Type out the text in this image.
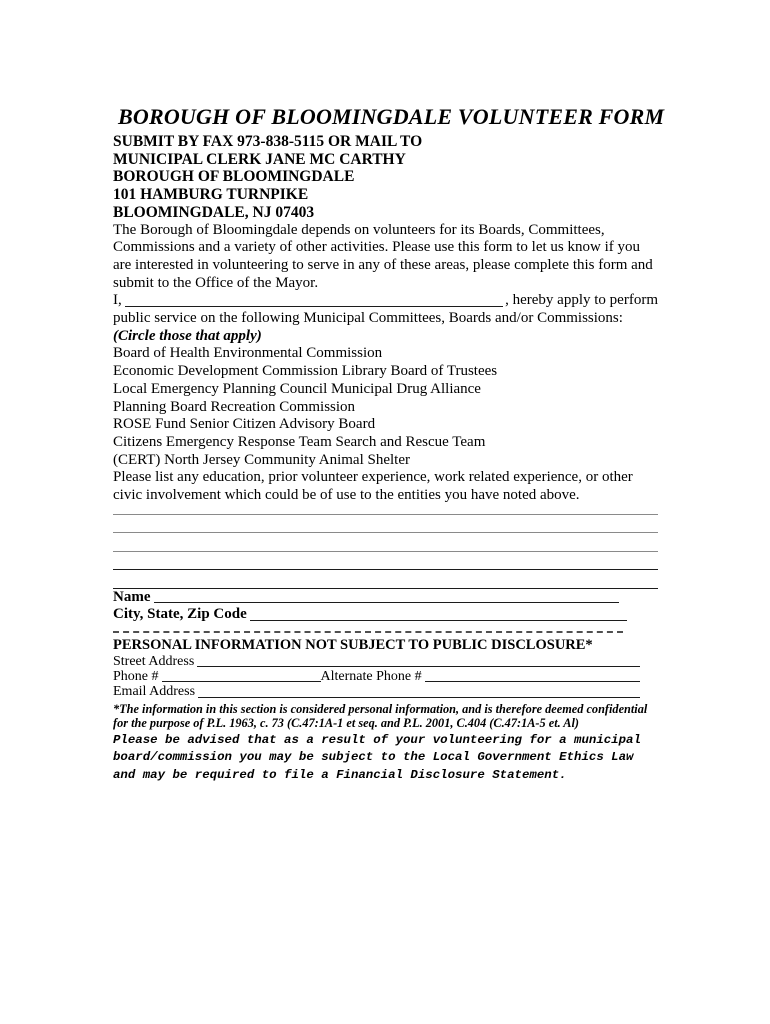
BOROUGH OF BLOOMINGDALE VOLUNTEER FORM
SUBMIT BY FAX 973-838-5115 OR MAIL TO
MUNICIPAL CLERK JANE MC CARTHY
BOROUGH OF BLOOMINGDALE
101 HAMBURG TURNPIKE
BLOOMINGDALE, NJ 07403

The Borough of Bloomingdale depends on volunteers for its Boards, Committees, Commissions and a variety of other activities. Please use this form to let us know if you are interested in volunteering to serve in any of these areas, please complete this form and submit to the Office of the Mayor.

I,	, hereby apply to perform

public service on the following Municipal Committees, Boards and/or Commissions: (Circle those that apply)

Board of Health Environmental Commission
Economic Development Commission Library Board of Trustees
Local Emergency Planning Council Municipal Drug Alliance
Planning Board Recreation Commission
ROSE Fund Senior Citizen Advisory Board
Citizens Emergency Response Team Search and Rescue Team
(CERT) North Jersey Community Animal Shelter

Please list any education, prior volunteer experience, work related experience, or other civic involvement which could be of use to the entities you have noted above.

Name
City, State, Zip Code
PERSONAL INFORMATION NOT SUBJECT TO PUBLIC DISCLOSURE*
Street Address
Phone #	Alternate Phone #
Email Address

*The information in this section is considered personal information, and is therefore deemed confidential for the purpose of P.L. 1963, c. 73 (C.47:1A-1 et seq. and P.L. 2001, C.404 (C.47:1A-5 et. Al)

Please be advised that as a result of your volunteering for a municipal board/commission you may be subject to the Local Government Ethics Law and may be required to file a Financial Disclosure Statement.
